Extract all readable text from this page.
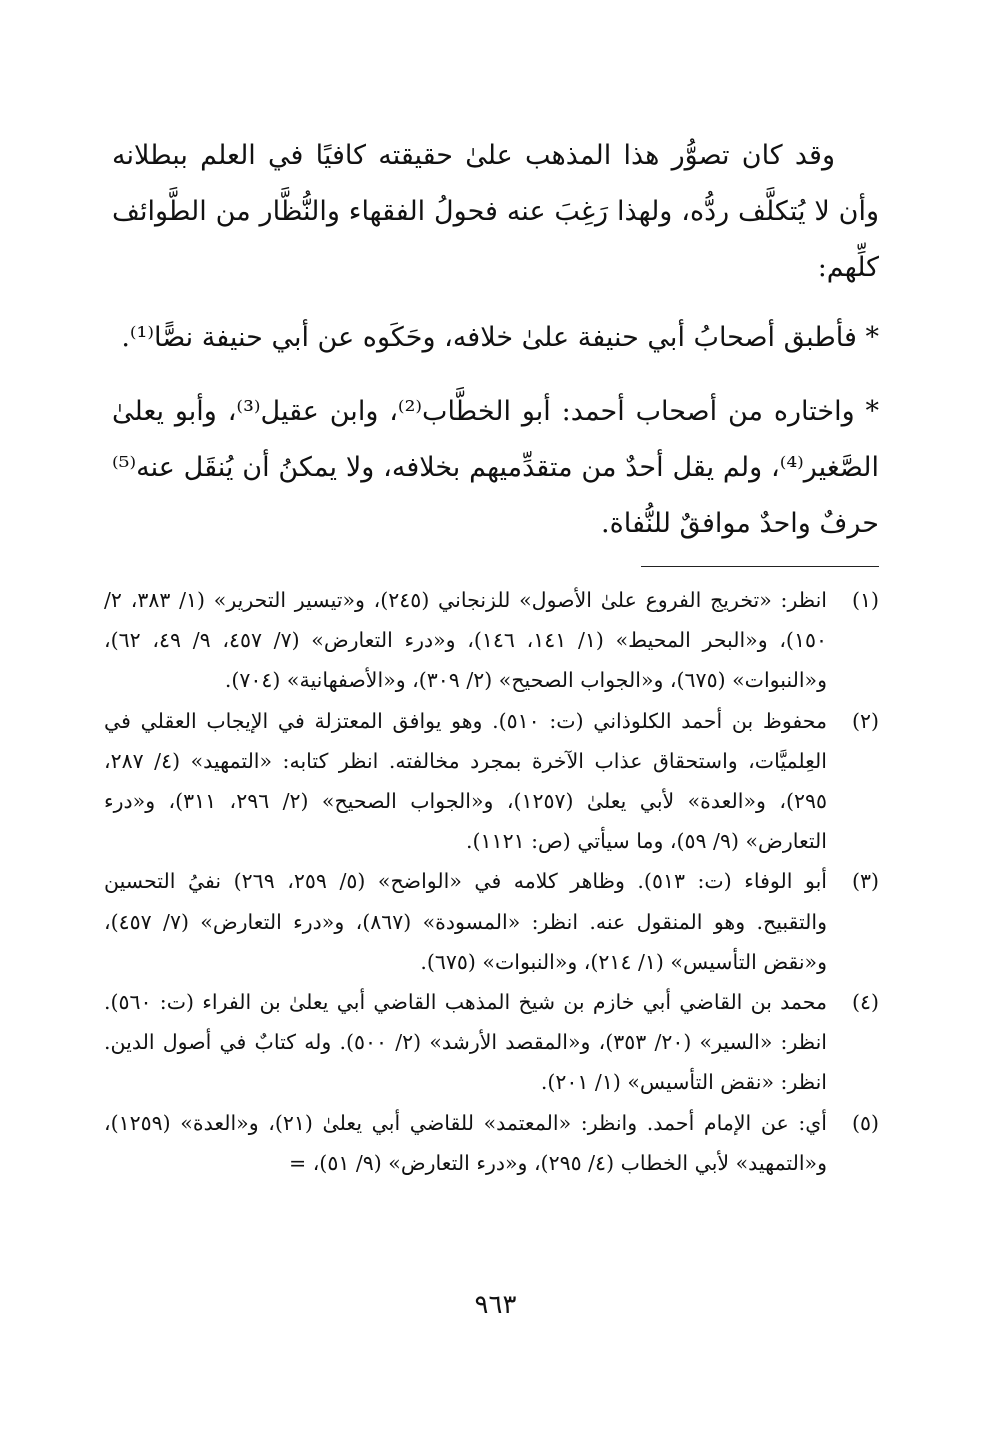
وقد كان تصوُّر هذا المذهب علىٰ حقيقته كافيًا في العلم ببطلانه وأن لا يُتكلَّف ردُّه، ولهذا رَغِبَ عنه فحولُ الفقهاء والنُّظَّار من الطَّوائف كلِّهم:

* فأطبق أصحابُ أبي حنيفة علىٰ خلافه، وحَكَوه عن أبي حنيفة نصًّا⁽¹⁾.

* واختاره من أصحاب أحمد: أبو الخطَّاب⁽²⁾، وابن عقيل⁽³⁾، وأبو يعلىٰ الصَّغير⁽⁴⁾، ولم يقل أحدٌ من متقدِّميهم بخلافه، ولا يمكنُ أن يُنقَل عنه⁽⁵⁾ حرفٌ واحدٌ موافقٌ للنُّفاة.

(١)
انظر: «تخريج الفروع علىٰ الأصول» للزنجاني (٢٤٥)، و«تيسير التحرير» (١/ ٣٨٣، ٢/ ١٥٠)، و«البحر المحيط» (١/ ١٤١، ١٤٦)، و«درء التعارض» (٧/ ٤٥٧، ٩/ ٤٩، ٦٢)، و«النبوات» (٦٧٥)، و«الجواب الصحيح» (٢/ ٣٠٩)، و«الأصفهانية» (٧٠٤).
(٢)
محفوظ بن أحمد الكلوذاني (ت: ٥١٠). وهو يوافق المعتزلة في الإيجاب العقلي في العِلميَّات، واستحقاق عذاب الآخرة بمجرد مخالفته. انظر كتابه: «التمهيد» (٤/ ٢٨٧، ٢٩٥)، و«العدة» لأبي يعلىٰ (١٢٥٧)، و«الجواب الصحيح» (٢/ ٢٩٦، ٣١١)، و«درء التعارض» (٩/ ٥٩)، وما سيأتي (ص: ١١٢١).
(٣)
أبو الوفاء (ت: ٥١٣). وظاهر كلامه في «الواضح» (٥/ ٢٥٩، ٢٦٩) نفيُ التحسين والتقبيح. وهو المنقول عنه. انظر: «المسودة» (٨٦٧)، و«درء التعارض» (٧/ ٤٥٧)، و«نقض التأسيس» (١/ ٢١٤)، و«النبوات» (٦٧٥).
(٤)
محمد بن القاضي أبي خازم بن شيخ المذهب القاضي أبي يعلىٰ بن الفراء (ت: ٥٦٠). انظر: «السير» (٢٠/ ٣٥٣)، و«المقصد الأرشد» (٢/ ٥٠٠). وله كتابٌ في أصول الدين. انظر: «نقض التأسيس» (١/ ٢٠١).
(٥)
أي: عن الإمام أحمد. وانظر: «المعتمد» للقاضي أبي يعلىٰ (٢١)، و«العدة» (١٢٥٩)، و«التمهيد» لأبي الخطاب (٤/ ٢٩٥)، و«درء التعارض» (٩/ ٥١)، =
٩٦٣
